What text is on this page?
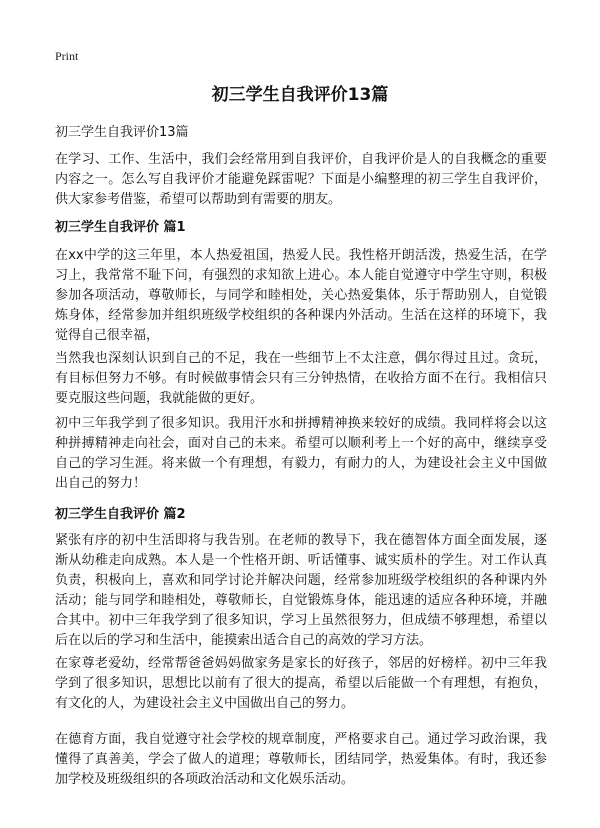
Print
初三学生自我评价13篇
初三学生自我评价13篇

在学习、工作、生活中，我们会经常用到自我评价，自我评价是人的自我概念的重要内容之一。怎么写自我评价才能避免踩雷呢？下面是小编整理的初三学生自我评价，供大家参考借鉴，希望可以帮助到有需要的朋友。

初三学生自我评价 篇1

在xx中学的这三年里，本人热爱祖国，热爱人民。我性格开朗活泼，热爱生活，在学习上，我常常不耻下问，有强烈的求知欲上进心。本人能自觉遵守中学生守则，积极参加各项活动，尊敬师长，与同学和睦相处，关心热爱集体，乐于帮助别人，自觉锻炼身体，经常参加并组织班级学校组织的各种课内外活动。生活在这样的环境下，我觉得自己很幸福，

当然我也深刻认识到自己的不足，我在一些细节上不太注意，偶尔得过且过。贪玩，有目标但努力不够。有时候做事情会只有三分钟热情，在收拾方面不在行。我相信只要克服这些问题，我就能做的更好。

初中三年我学到了很多知识。我用汗水和拼搏精神换来较好的成绩。我同样将会以这种拼搏精神走向社会，面对自己的未来。希望可以顺利考上一个好的高中，继续享受自己的学习生涯。将来做一个有理想，有毅力，有耐力的人，为建设社会主义中国做出自己的努力！

初三学生自我评价 篇2

紧张有序的初中生活即将与我告别。在老师的教导下，我在德智体方面全面发展，逐渐从幼稚走向成熟。本人是一个性格开朗、听话懂事、诚实质朴的学生。对工作认真负责，积极向上，喜欢和同学讨论并解决问题，经常参加班级学校组织的各种课内外活动；能与同学和睦相处，尊敬师长，自觉锻炼身体，能迅速的适应各种环境，并融合其中。初中三年我学到了很多知识，学习上虽然很努力，但成绩不够理想，希望以后在以后的学习和生活中，能摸索出适合自己的高效的学习方法。

在家尊老爱幼，经常帮爸爸妈妈做家务是家长的好孩子，邻居的好榜样。初中三年我学到了很多知识，思想比以前有了很大的提高，希望以后能做一个有理想，有抱负，有文化的人，为建设社会主义中国做出自己的努力。

在德育方面，我自觉遵守社会学校的规章制度，严格要求自己。通过学习政治课，我懂得了真善美，学会了做人的道理；尊敬师长，团结同学，热爱集体。有时，我还参加学校及班级组织的各项政治活动和文化娱乐活动。
